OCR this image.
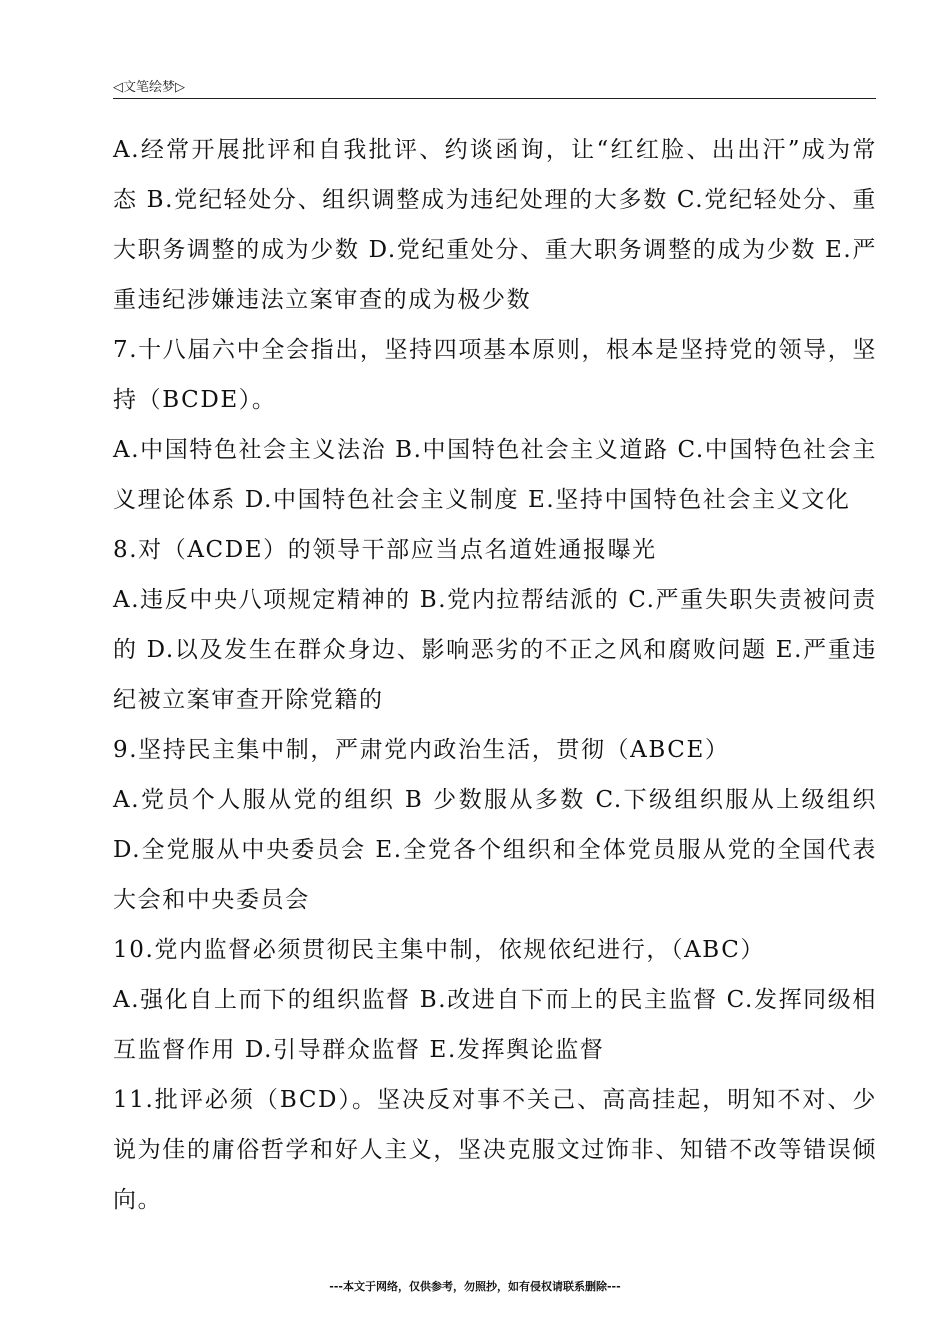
◁文笔绘梦▷

A.经常开展批评和自我批评、约谈函询，让“红红脸、出出汗”成为常态 B.党纪轻处分、组织调整成为违纪处理的大多数 C.党纪轻处分、重大职务调整的成为少数 D.党纪重处分、重大职务调整的成为少数 E.严重违纪涉嫌违法立案审查的成为极少数

7.十八届六中全会指出，坚持四项基本原则，根本是坚持党的领导，坚持（BCDE）。

A.中国特色社会主义法治 B.中国特色社会主义道路 C.中国特色社会主义理论体系 D.中国特色社会主义制度 E.坚持中国特色社会主义文化

8.对（ACDE）的领导干部应当点名道姓通报曝光

A.违反中央八项规定精神的 B.党内拉帮结派的 C.严重失职失责被问责的 D.以及发生在群众身边、影响恶劣的不正之风和腐败问题 E.严重违纪被立案审查开除党籍的

9.坚持民主集中制，严肃党内政治生活，贯彻（ABCE）

A.党员个人服从党的组织 B 少数服从多数 C.下级组织服从上级组织 D.全党服从中央委员会 E.全党各个组织和全体党员服从党的全国代表大会和中央委员会

10.党内监督必须贯彻民主集中制，依规依纪进行，（ABC）

A.强化自上而下的组织监督 B.改进自下而上的民主监督 C.发挥同级相互监督作用 D.引导群众监督 E.发挥舆论监督

11.批评必须（BCD）。坚决反对事不关己、高高挂起，明知不对、少说为佳的庸俗哲学和好人主义，坚决克服文过饰非、知错不改等错误倾向。

---本文于网络，仅供参考，勿照抄，如有侵权请联系删除---
